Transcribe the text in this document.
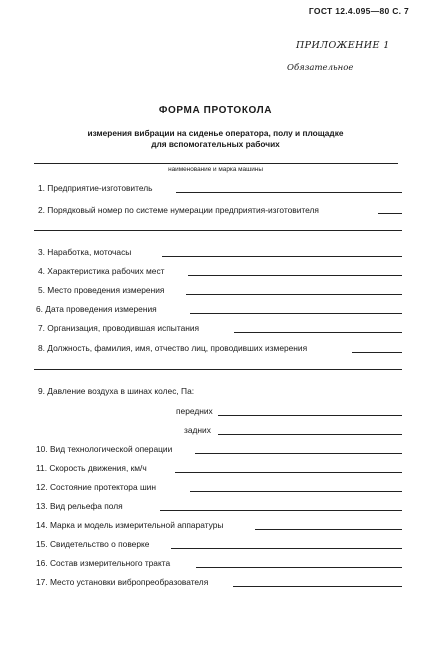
ГОСТ 12.4.095—80 С. 7
ПРИЛОЖЕНИЕ 1
Обязательное
ФОРМА ПРОТОКОЛА
измерения вибрации на сиденье оператора, полу и площадке
для вспомогательных рабочих
наименование и марка машины
1. Предприятие-изготовитель
2. Порядковый номер по системе нумерации предприятия-изготовителя
3. Наработка, моточасы
4. Характеристика рабочих мест
5. Место проведения измерения
6. Дата проведения измерения
7. Организация, проводившая испытания
8. Должность, фамилия, имя, отчество лиц, проводивших измерения
9. Давление воздуха в шинах колес, Па:
передних
задних
10. Вид технологической операции
11. Скорость движения, км/ч
12. Состояние протектора шин
13. Вид рельефа поля
14. Марка и модель измерительной аппаратуры
15. Свидетельство о поверке
16. Состав измерительного тракта
17. Место установки вибропреобразователя
